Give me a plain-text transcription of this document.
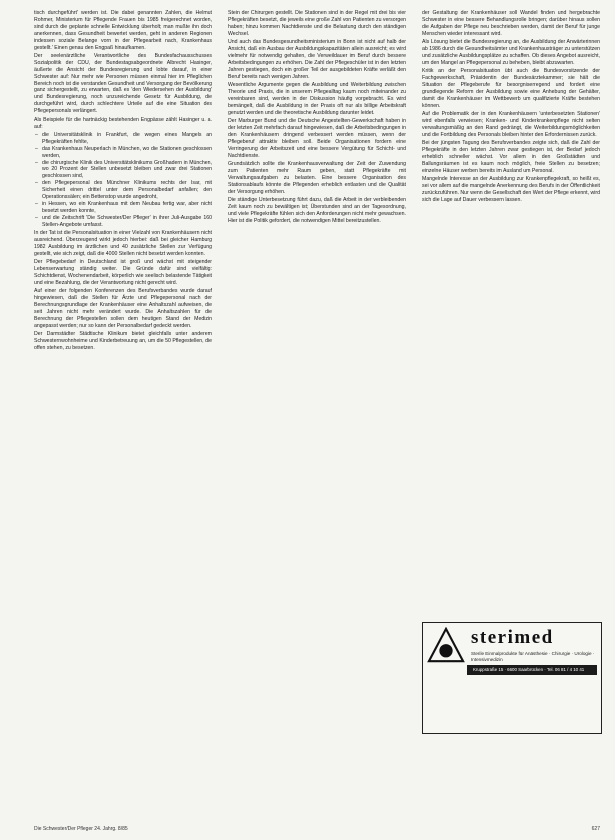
tisch durchgeführt' werden ist. Die dabei genannten Zahlen, die Helmut Rohmer, Ministerium für Pflegende Frauen bis 1985 freigerechnet worden, sind durch die geplante schnelle Entwicklung überholt; man mußte ihn doch anerkennen, dass Gesundheit bewertet werden, geht in anderen Regionen indessen soziale Belange vorn in der Pflegearbeit nach, Krankenhaus gestellt.' Einen genau den Engpaß hinaufkamen.

Der seelenärztliche Verantwortliche des Bundesfachausschusses Sozialpolitik der CDU, der Bundestagsabgeordnete Albrecht Hasinger, äußerte die Ansicht der Bundesregierung und lobte darauf, in einer Schwester auf: Nur mehr wie Personen müssen einmal hier im Pfleglichen Bereich noch ist die verstanden Gesundheit und Versorgung der Bevölkerung ganz sichergestellt, zu erwarten, daß es 'den Wiedersehen der Ausbildung' und Bundesregierung, noch unzureichende Gesetz für Ausbildung, die durchgeführt wird, durch schlechtere Urteile auf die eine Situation des Pflegepersonals verlängert.

Als Beispiele für die hartnäckig bestehenden Engpässe zählt Hasinger u. a. auf:

– die Universitätsklinik in Frankfurt, die wegen eines Mangels an Pflegekräften fehlte,
– das Krankenhaus Neuperlach in München, wo die Stationen geschlossen werden,
– die chirurgische Klinik des Universitätsklinikums Großhadern in München, wo 20 Prozent der Stellen unbesetzt bleiben und zwar drei Stationen geschlossen sind,
– den Pflegepersonal des Münchner Klinikums rechts der Isar, mit Sicherheit einen drittel unter dem Personalbedarf anfallen; den Operationssälen; ein Bettenstop wurde angedroht,
– in Hessen, wo ein Krankenhaus mit dem Neubau fertig war, aber nicht besetzt werden konnte,
– und die Zeitschrift 'Die Schwester/Der Pfleger' in ihrer Juli-Ausgabe 160 Stellen-Angebote umfasst.

In der Tat ist die Personalsituation in einer Vielzahl von Krankenhäusern nicht ausreichend. Überzeugend wirkt jedoch hierbei: daß bei gleicher Hamburg 1982 Ausbildung im ärztlichen und 40 zusätzliche Stellen zur Verfügung gestellt, wie sich zeigt, daß die 4000 Stellen nicht besetzt werden konnten.

Der Pflegebedarf in Deutschland ist groß und wächst mit steigender Lebenserwartung ständig weiter. Die Gründe dafür sind vielfältig: Schichtdienst, Wochenendarbeit, körperlich wie seelisch belastende Tätigkeit und eine Bezahlung, die der Verantwortung nicht gerecht wird.

Auf einer der folgenden Konferenzen des Berufsverbandes wurde darauf hingewiesen, daß die Stellen für Ärzte und Pflegepersonal nach der Berechnungsgrundlage der Krankenhäuser eine Anhaltszahl aufweisen, die seit Jahren nicht mehr verändert wurde. Die Anhaltszahlen für die Berechnung der Pflegestellen sollen dem heutigen Stand der Medizin angepasst werden; nur so kann der Personalbedarf gedeckt werden.

Der Darmstädter Städtische Klinikum bietet gleichfalls unter anderem Schwesternwohnheime und Kinderbetreuung an, um die 50 Pflegestellen, die offen stehen, zu besetzen.

Stein der Chirurgen gestellt. Die Stationen sind in der Regel mit drei bis vier Pflegekräften besetzt, die jeweils eine große Zahl von Patienten zu versorgen haben; hinzu kommen Nachtdienste und die Belastung durch den ständigen Wechsel.

Und auch das Bundesgesundheitsministerium in Bonn ist nicht auf halb der Ansicht, daß ein Ausbau der Ausbildungskapazitäten allein ausreicht; es wird vielmehr für notwendig gehalten, die Verweildauer im Beruf durch bessere Arbeitsbedingungen zu erhöhen. Die Zahl der Pflegeschüler ist in den letzten Jahren gestiegen, doch ein großer Teil der ausgebildeten Kräfte verläßt den Beruf bereits nach wenigen Jahren.

Wesentliche Argumente gegen die Ausbildung und Weiterbildung zwischen Theorie und Praxis, die in unserem Pflegealltag kaum noch miteinander zu vereinbaren sind, werden in der Diskussion häufig vorgebracht. Es wird bemängelt, daß die Ausbildung in der Praxis oft nur als billige Arbeitskraft genutzt werden und die theoretische Ausbildung darunter leidet.

Der Marburger Bund und die Deutsche Angestellten-Gewerkschaft haben in der letzten Zeit mehrfach darauf hingewiesen, daß die Arbeitsbedingungen in den Krankenhäusern dringend verbessert werden müssen, wenn der Pflegeberuf attraktiv bleiben soll. Beide Organisationen fordern eine Verringerung der Arbeitszeit und eine bessere Vergütung für Schicht- und Nachtdienste.

Grundsätzlich sollte die Krankenhausverwaltung der Zeit der Zuwendung zum Patienten mehr Raum geben, statt Pflegekräfte mit Verwaltungsaufgaben zu belasten. Eine bessere Organisation des Stationsablaufs könnte die Pflegenden erheblich entlasten und die Qualität der Versorgung erhöhen.

Die ständige Unterbesetzung führt dazu, daß die Arbeit in der verbleibenden Zeit kaum noch zu bewältigen ist; Überstunden sind an der Tagesordnung, und viele Pflegekräfte fühlen sich den Anforderungen nicht mehr gewachsen. Hier ist die Politik gefordert, die notwendigen Mittel bereitzustellen.

der Gestaltung der Krankenhäuser soll Wandel finden und hergebrachte Schwester in eine bessere Behandlungsrolle bringen; darüber hinaus sollen die Aufgaben der Pflege neu beschrieben werden, damit der Beruf für junge Menschen wieder interessant wird.

Als Lösung bietet die Bundesregierung an, die Ausbildung der Anwärterinnen ab 1986 durch die Gesundheitsämter und Krankenhausträger zu unterstützen und zusätzliche Ausbildungsplätze zu schaffen. Ob dieses Angebot ausreicht, um den Mangel an Pflegepersonal zu beheben, bleibt abzuwarten.

Kritik an der Personalsituation übt auch die Bundesvorsitzende der Fachgewerkschaft, Präsidentin der Bundesärztekammer; sie hält die Situation der Pflegeberufe für besorgniserregend und fordert eine grundlegende Reform der Ausbildung sowie eine Anhebung der Gehälter, damit die Krankenhäuser im Wettbewerb um qualifizierte Kräfte bestehen können.

Auf die Problematik der in den Krankenhäusern 'unterbesetzten Stationen' wird ebenfalls verwiesen; Kranken- und Kinderkrankenpflege nicht selten verwaltungsmäßig an den Rand gedrängt, die Weiterbildungsmöglichkeiten und die Fortbildung des Personals bleiben hinter den Erfordernissen zurück.

Bei der jüngsten Tagung des Berufsverbandes zeigte sich, daß die Zahl der Pflegekräfte in den letzten Jahren zwar gestiegen ist, der Bedarf jedoch erheblich schneller wächst. Vor allem in den Großstädten und Ballungsräumen ist es kaum noch möglich, freie Stellen zu besetzen; einzelne Häuser werben bereits im Ausland um Personal.

Mangelnde Interesse an der Ausbildung zur Krankenpflegekraft, so heißt es, sei vor allem auf die mangelnde Anerkennung des Berufs in der Öffentlichkeit zurückzuführen. Nur wenn die Gesellschaft den Wert der Pflege erkennt, wird sich die Lage auf Dauer verbessern lassen.

sterimed
Sterile Einmalprodukte für Anästhesie · Chirurgie · Urologie · Intensivmedizin
Kruppstraße 15 · 6600 Saarbrücken · Tel. 06 81 / 4 10 41
Die Schwester/Der Pfleger 24. Jahrg. 8/85	627
